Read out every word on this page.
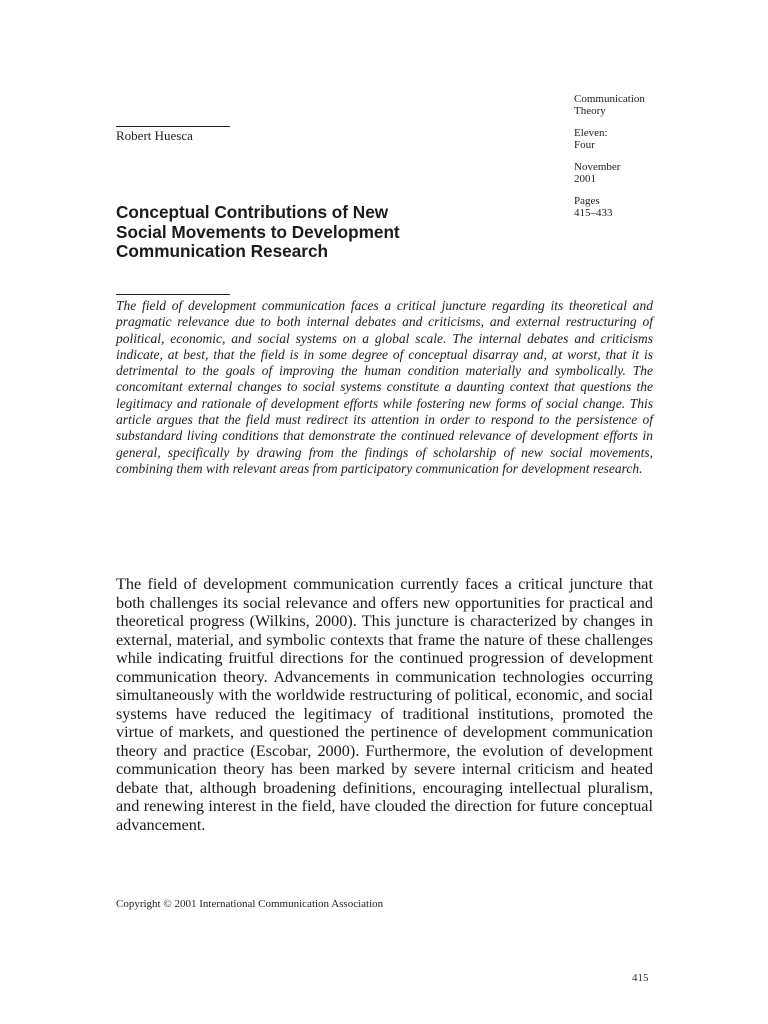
Communication
Theory
Eleven:
Four
November
2001
Pages
415–433
Robert Huesca
Conceptual Contributions of New
Social Movements to Development
Communication Research

The field of development communication faces a critical juncture regarding its theoretical and pragmatic relevance due to both internal debates and criticisms, and external restructuring of political, economic, and social systems on a global scale. The internal debates and criticisms indicate, at best, that the field is in some degree of conceptual disarray and, at worst, that it is detrimental to the goals of improving the human condition materially and symbolically. The concomitant external changes to social systems constitute a daunting context that questions the legitimacy and rationale of development efforts while fostering new forms of social change. This article argues that the field must redirect its attention in order to respond to the persistence of substandard living conditions that demonstrate the continued relevance of development efforts in general, specifically by drawing from the findings of scholarship of new social movements, combining them with relevant areas from participatory communication for development research.

The field of development communication currently faces a critical juncture that both challenges its social relevance and offers new opportunities for practical and theoretical progress (Wilkins, 2000). This juncture is characterized by changes in external, material, and symbolic contexts that frame the nature of these challenges while indicating fruitful directions for the continued progression of development communication theory. Advancements in communication technologies occurring simultaneously with the worldwide restructuring of political, economic, and social systems have reduced the legitimacy of traditional institutions, promoted the virtue of markets, and questioned the pertinence of development communication theory and practice (Escobar, 2000). Furthermore, the evolution of development communication theory has been marked by severe internal criticism and heated debate that, although broadening definitions, encouraging intellectual pluralism, and renewing interest in the field, have clouded the direction for future conceptual advancement.

Copyright © 2001 International Communication Association
415
